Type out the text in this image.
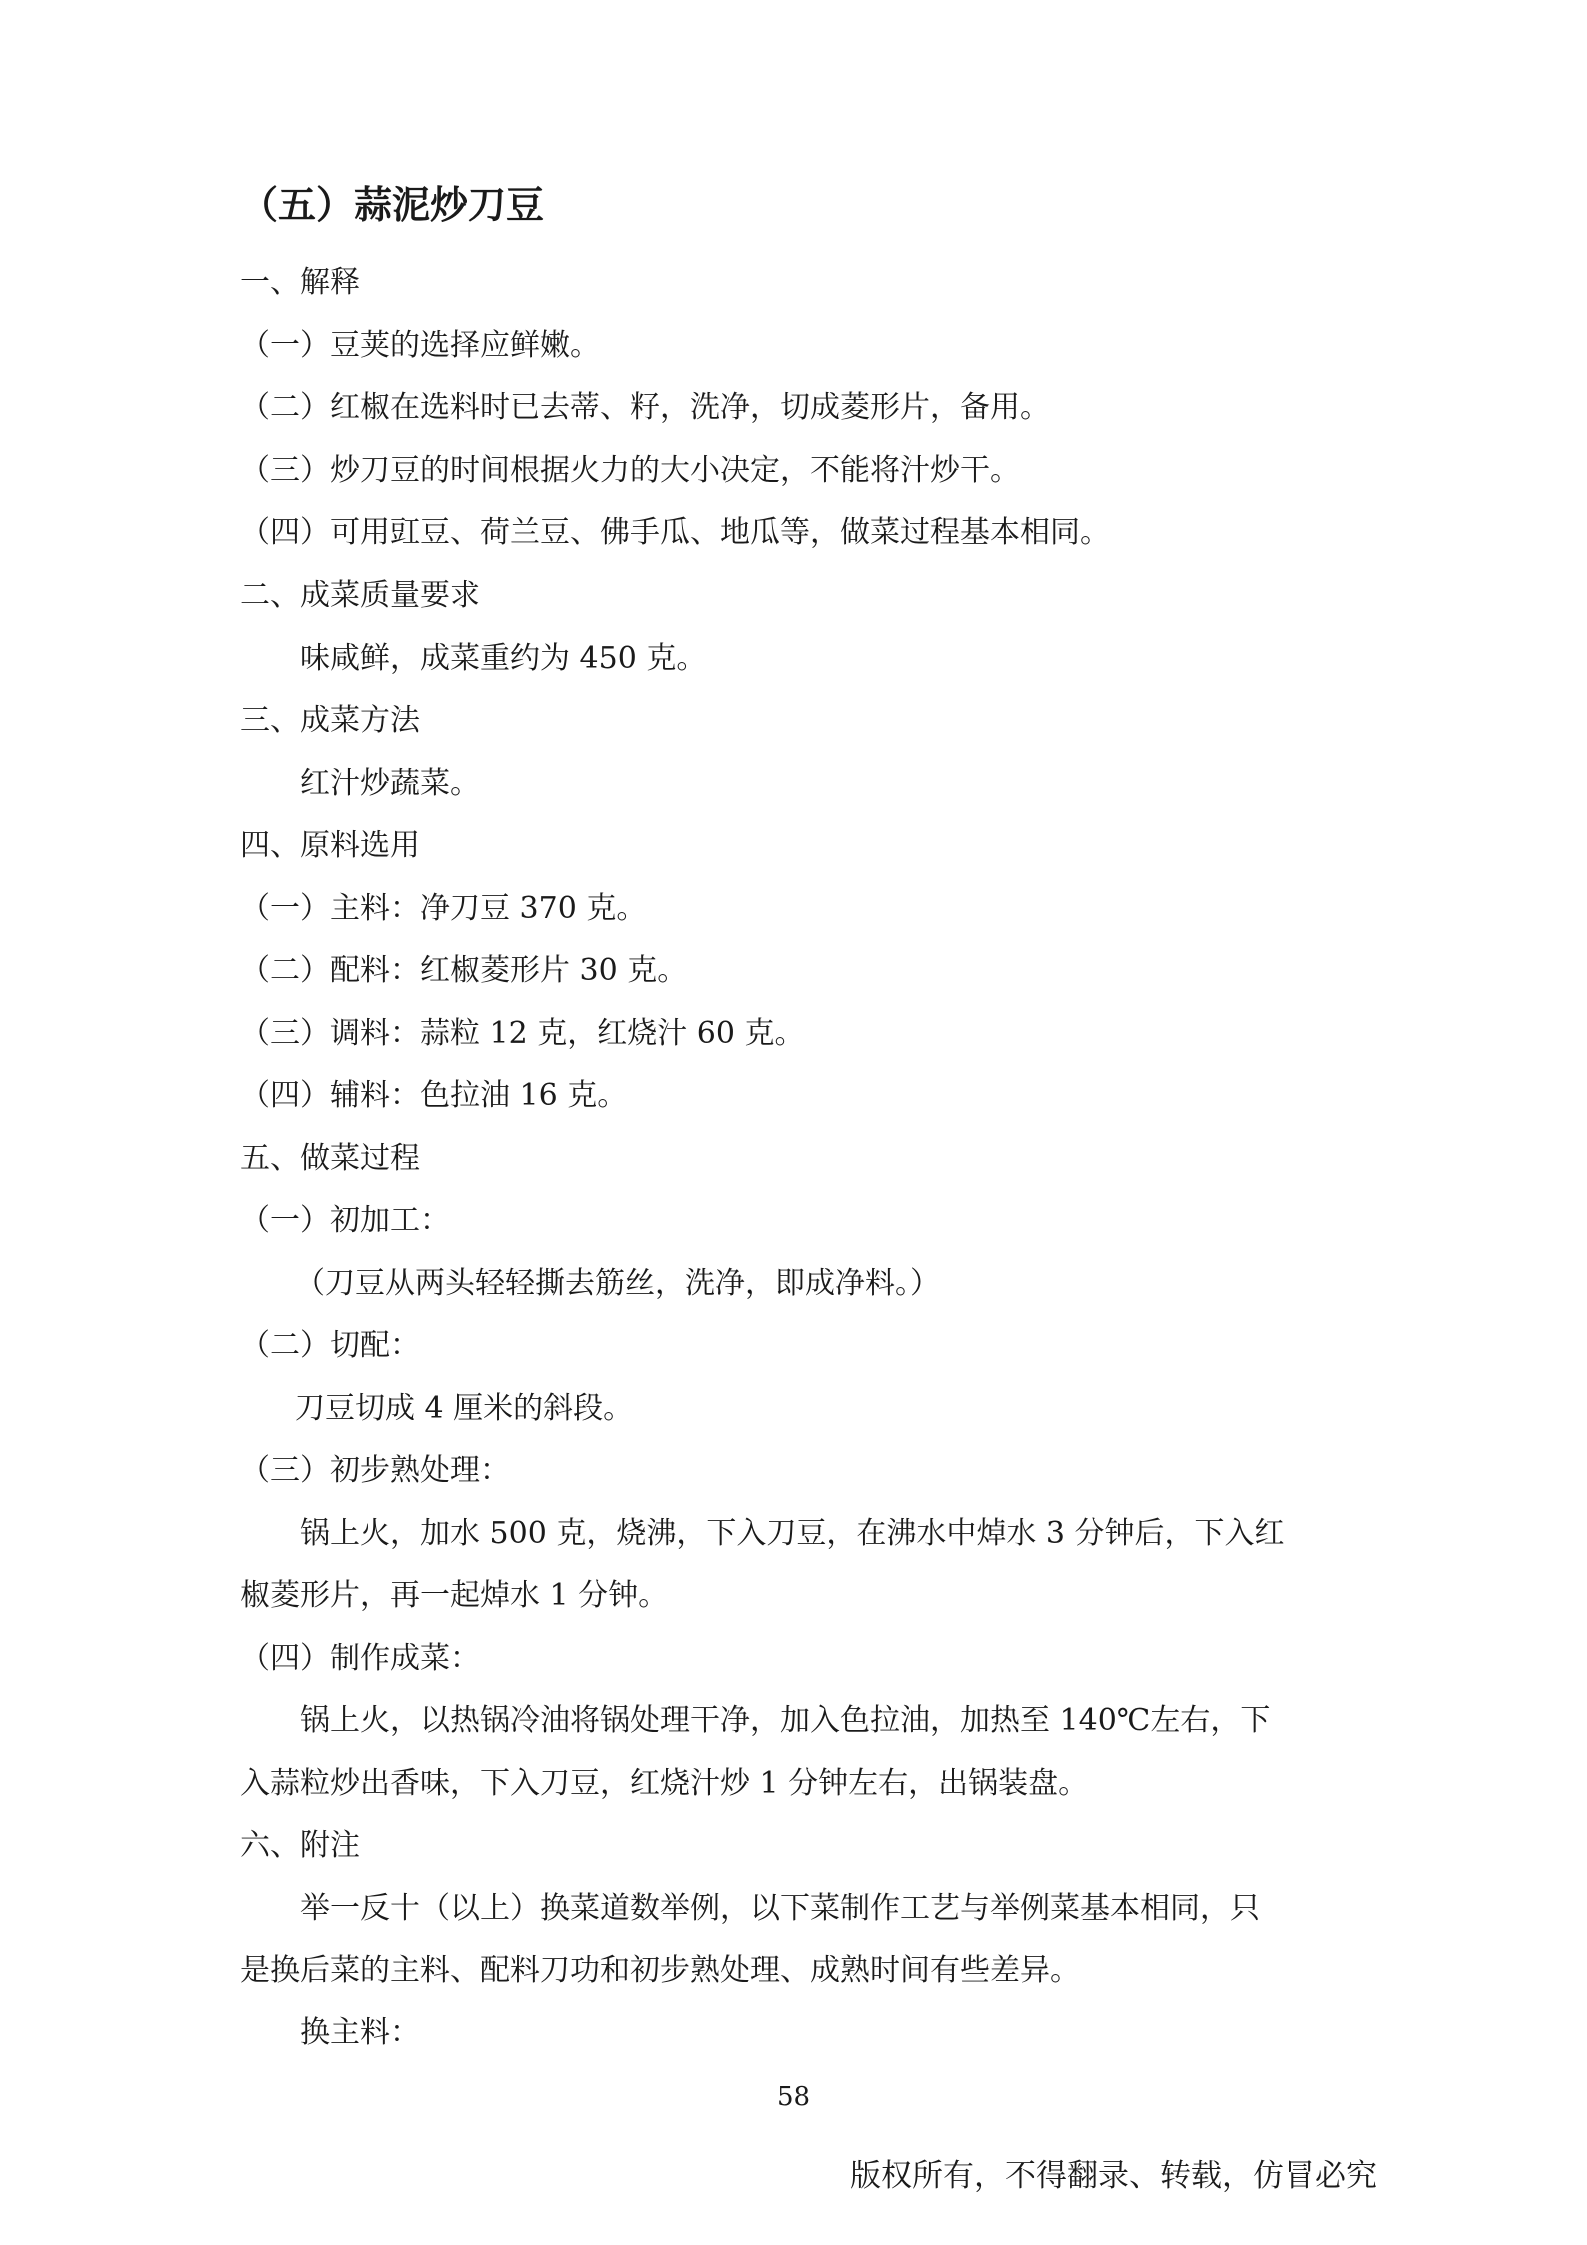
（五）蒜泥炒刀豆
一、解释
（一）豆荚的选择应鲜嫩。
（二）红椒在选料时已去蒂、籽，洗净，切成菱形片，备用。
（三）炒刀豆的时间根据火力的大小决定，不能将汁炒干。
（四）可用豇豆、荷兰豆、佛手瓜、地瓜等，做菜过程基本相同。
二、成菜质量要求
味咸鲜，成菜重约为 450 克。
三、成菜方法
红汁炒蔬菜。
四、原料选用
（一）主料：净刀豆 370 克。
（二）配料：红椒菱形片 30 克。
（三）调料：蒜粒 12 克，红烧汁 60 克。
（四）辅料：色拉油 16 克。
五、做菜过程
（一）初加工：
（刀豆从两头轻轻撕去筋丝，洗净，即成净料。）
（二）切配：
刀豆切成 4 厘米的斜段。
（三）初步熟处理：
锅上火，加水 500 克，烧沸，下入刀豆，在沸水中焯水 3 分钟后，下入红
椒菱形片，再一起焯水 1 分钟。
（四）制作成菜：
锅上火，以热锅冷油将锅处理干净，加入色拉油，加热至 140℃左右，下
入蒜粒炒出香味，下入刀豆，红烧汁炒 1 分钟左右，出锅装盘。
六、附注
举一反十（以上）换菜道数举例，以下菜制作工艺与举例菜基本相同，只
是换后菜的主料、配料刀功和初步熟处理、成熟时间有些差异。
换主料：
58
版权所有，不得翻录、转载，仿冒必究
